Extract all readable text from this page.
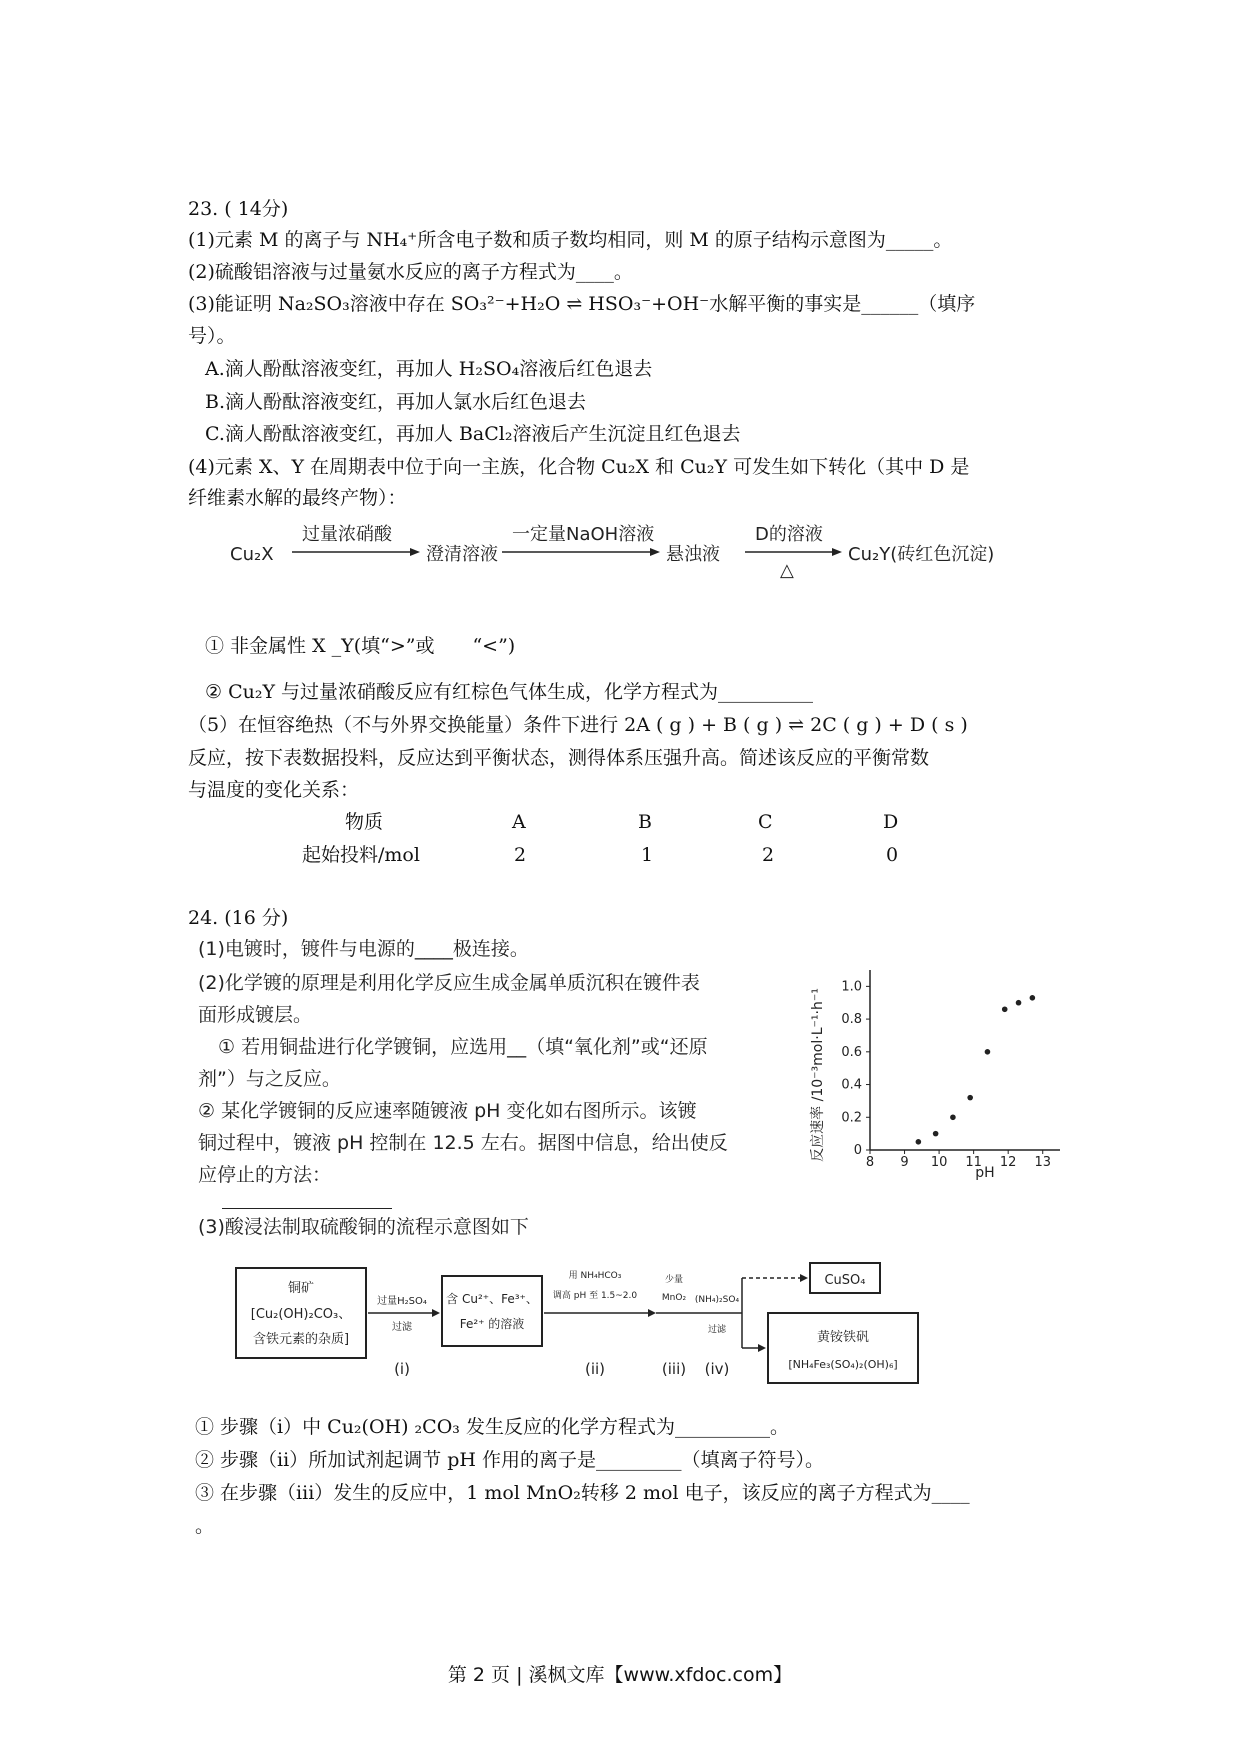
23. ( 14分)
(1)元素 M 的离子与 NH₄⁺所含电子数和质子数均相同，则 M 的原子结构示意图为_____。
(2)硫酸铝溶液与过量氨水反应的离子方程式为____。
(3)能证明 Na₂SO₃溶液中存在 SO₃²⁻+H₂O ⇌ HSO₃⁻+OH⁻水解平衡的事实是______（填序
号）。
A.滴人酚酞溶液变红，再加人 H₂SO₄溶液后红色退去
B.滴人酚酞溶液变红，再加人氯水后红色退去
C.滴人酚酞溶液变红，再加人 BaCl₂溶液后产生沉淀且红色退去
(4)元素 X、Y 在周期表中位于向一主族，化合物 Cu₂X 和 Cu₂Y 可发生如下转化（其中 D 是
纤维素水解的最终产物）：
Cu₂X
过量浓硝酸
澄清溶液
一定量NaOH溶液
悬浊液
D的溶液
△
Cu₂Y(砖红色沉淀)
① 非金属性 X _Y(填“>”或　　“<”)
② Cu₂Y 与过量浓硝酸反应有红棕色气体生成，化学方程式为__________
（5）在恒容绝热（不与外界交换能量）条件下进行 2A ( g ) + B ( g ) ⇌ 2C ( g ) + D ( s )
反应，按下表数据投料，反应达到平衡状态，测得体系压强升高。简述该反应的平衡常数
与温度的变化关系：
物质	A	B	C	D
起始投料/mol	2	1	2	0
24. (16 分)
(1)电镀时，镀件与电源的____极连接。
(2)化学镀的原理是利用化学反应生成金属单质沉积在镀件表
面形成镀层。
① 若用铜盐进行化学镀铜，应选用__（填“氧化剂”或“还原
剂”）与之反应。
② 某化学镀铜的反应速率随镀液 pH 变化如右图所示。该镀
铜过程中，镀液 pH 控制在 12.5 左右。据图中信息，给出使反
应停止的方法：
反应速率 /10⁻³mol·L⁻¹·h⁻¹
pH
8 9 10 11 12 13
0
0.2
0.4
0.6
0.8
1.0
(3)酸浸法制取硫酸铜的流程示意图如下
铜矿
[Cu₂(OH)₂CO₃、
含铁元素的杂质]
过量H₂SO₄
过滤
(i)
含 Cu²⁺、Fe³⁺、
Fe²⁺ 的溶液
用 NH₄HCO₃
调高 pH 至 1.5~2.0
(ii)
少量
MnO₂
(iii)
(NH₄)₂SO₄
过滤
(iv)
CuSO₄
黄铵铁矾
[NH₄Fe₃(SO₄)₂(OH)₆]
① 步骤（i）中 Cu₂(OH) ₂CO₃ 发生反应的化学方程式为__________。
② 步骤（ii）所加试剂起调节 pH 作用的离子是_________（填离子符号）。
③ 在步骤（iii）发生的反应中，1 mol MnO₂转移 2 mol 电子，该反应的离子方程式为____
。
第 2 页 | 溪枫文库【www.xfdoc.com】
